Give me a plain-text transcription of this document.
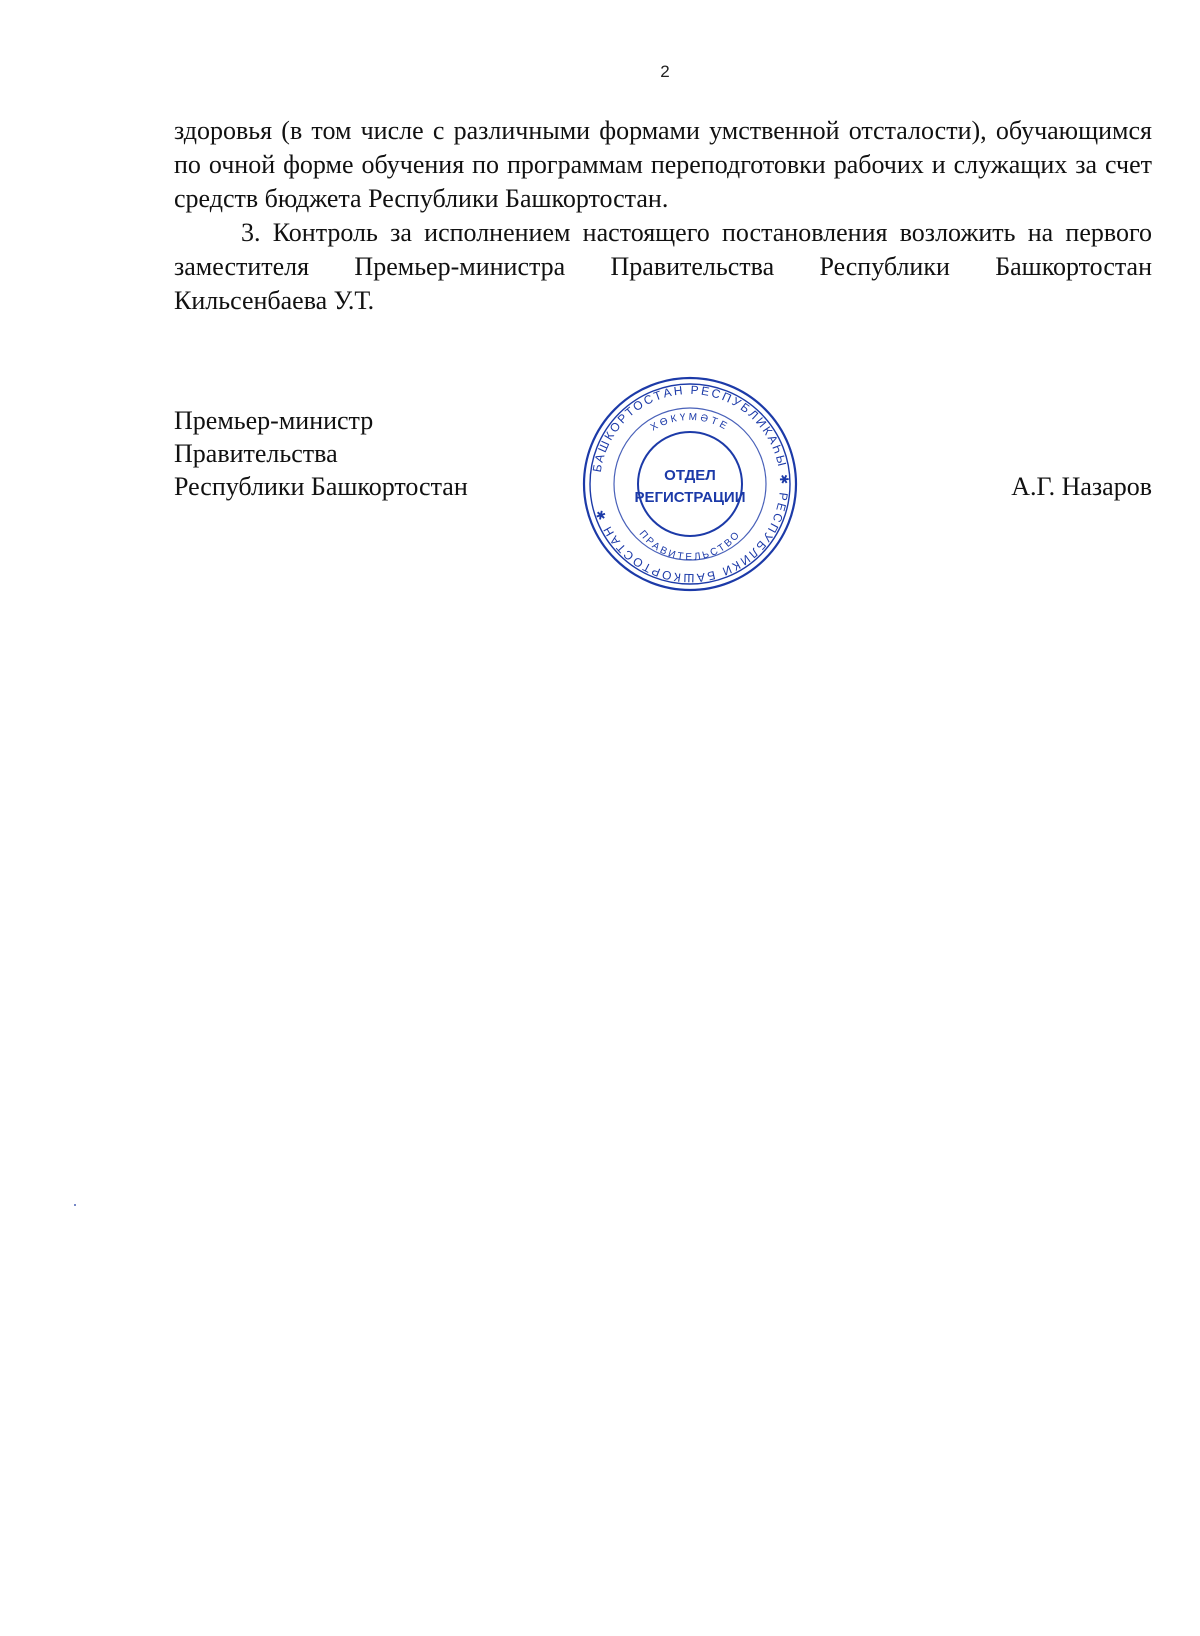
2

здоровья (в том числе с различными формами умственной отсталости), обучающимся по очной форме обучения по программам переподготовки рабочих и служащих за счет средств бюджета Республики Башкортостан.

3. Контроль за исполнением настоящего постановления возложить на первого заместителя Премьер-министра Правительства Республики Башкортостан Кильсенбаева У.Т.

Премьер-министр
Правительства
Республики Башкортостан	А.Г. Назаров
БАШКОРТОСТАН РЕСПУБЛИКАҺЫ ✱ РЕСПУБЛИКИ БАШКОРТОСТАН ✱
ХӨКҮМӘТЕ
ПРАВИТЕЛЬСТВО
ОТДЕЛ
РЕГИСТРАЦИИ
